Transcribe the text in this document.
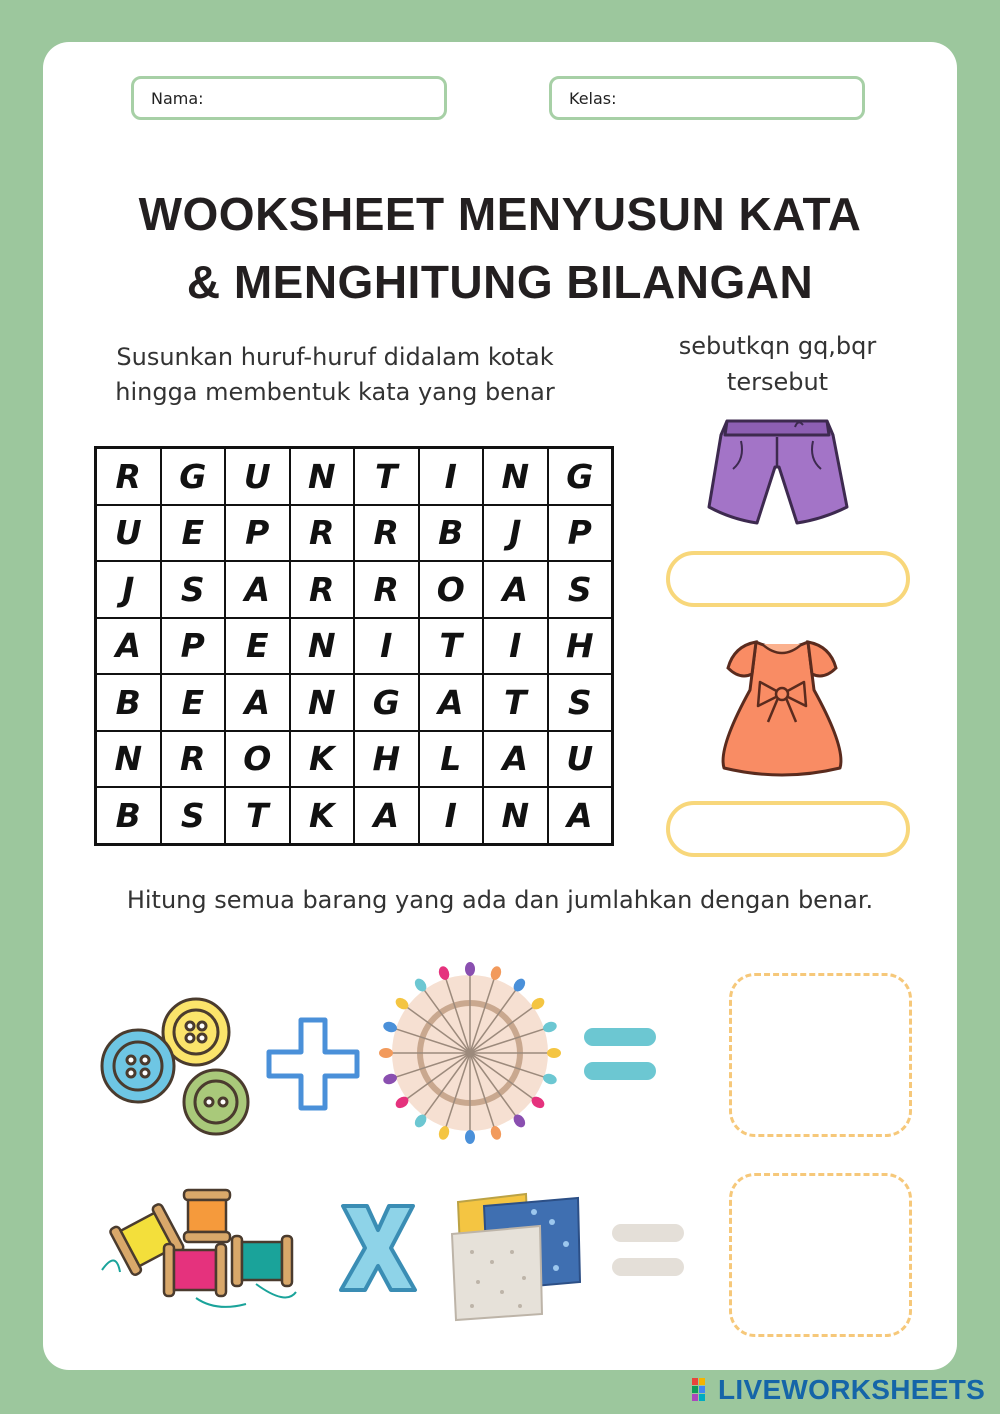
Nama:	Kelas:
WOOKSHEET MENYUSUN KATA
& MENGHITUNG BILANGAN
Susunkan huruf-huruf didalam kotak
hingga membentuk kata yang benar
sebutkqn gq,bqr
tersebut
R	G	U	N	T	I	N	G
U	E	P	R	R	B	J	P
J	S	A	R	R	O	A	S
A	P	E	N	I	T	I	H
B	E	A	N	G	A	T	S
N	R	O	K	H	L	A	U
B	S	T	K	A	I	N	A
Hitung semua barang yang ada dan jumlahkan dengan benar.
LIVEWORKSHEETS
